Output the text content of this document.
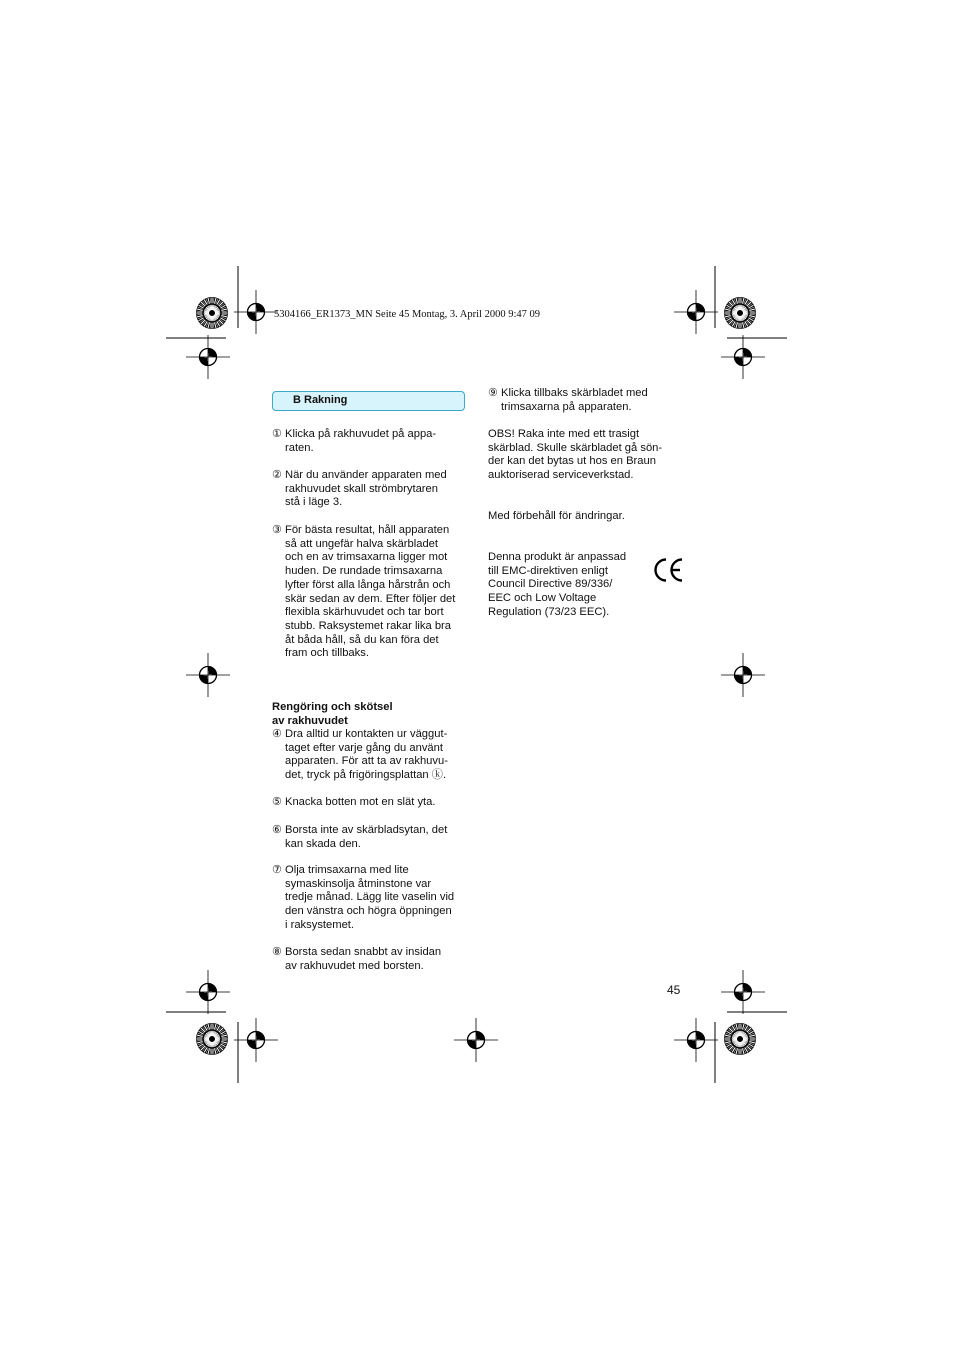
5304166_ER1373_MN Seite 45 Montag, 3. April 2000 9:47 09
B Rakning
① Klicka på rakhuvudet på appa-
raten.
② När du använder apparaten med
rakhuvudet skall strömbrytaren
stå i läge 3.
③ För bästa resultat, håll apparaten
så att ungefär halva skärbladet
och en av trimsaxarna ligger mot
huden. De rundade trimsaxarna
lyfter först alla långa hårstrån och
skär sedan av dem. Efter följer det
flexibla skärhuvudet och tar bort
stubb. Raksystemet rakar lika bra
åt båda håll, så du kan föra det
fram och tillbaks.
Rengöring och skötsel
av rakhuvudet
④ Dra alltid ur kontakten ur väggut-
taget efter varje gång du använt
apparaten. För att ta av rakhuvu-
det, tryck på frigöringsplattan ⓚ.
⑤ Knacka botten mot en slät yta.
⑥ Borsta inte av skärbladsytan, det
kan skada den.
⑦ Olja trimsaxarna med lite
symaskinsolja åtminstone var
tredje månad. Lägg lite vaselin vid
den vänstra och högra öppningen
i raksystemet.
⑧ Borsta sedan snabbt av insidan
av rakhuvudet med borsten.
⑨ Klicka tillbaks skärbladet med
trimsaxarna på apparaten.
OBS! Raka inte med ett trasigt
skärblad. Skulle skärbladet gå sön-
der kan det bytas ut hos en Braun
auktoriserad serviceverkstad.
Med förbehåll för ändringar.
Denna produkt är anpassad
till EMC-direktiven enligt
Council Directive 89/336/
EEC och Low Voltage
Regulation (73/23 EEC).
45
